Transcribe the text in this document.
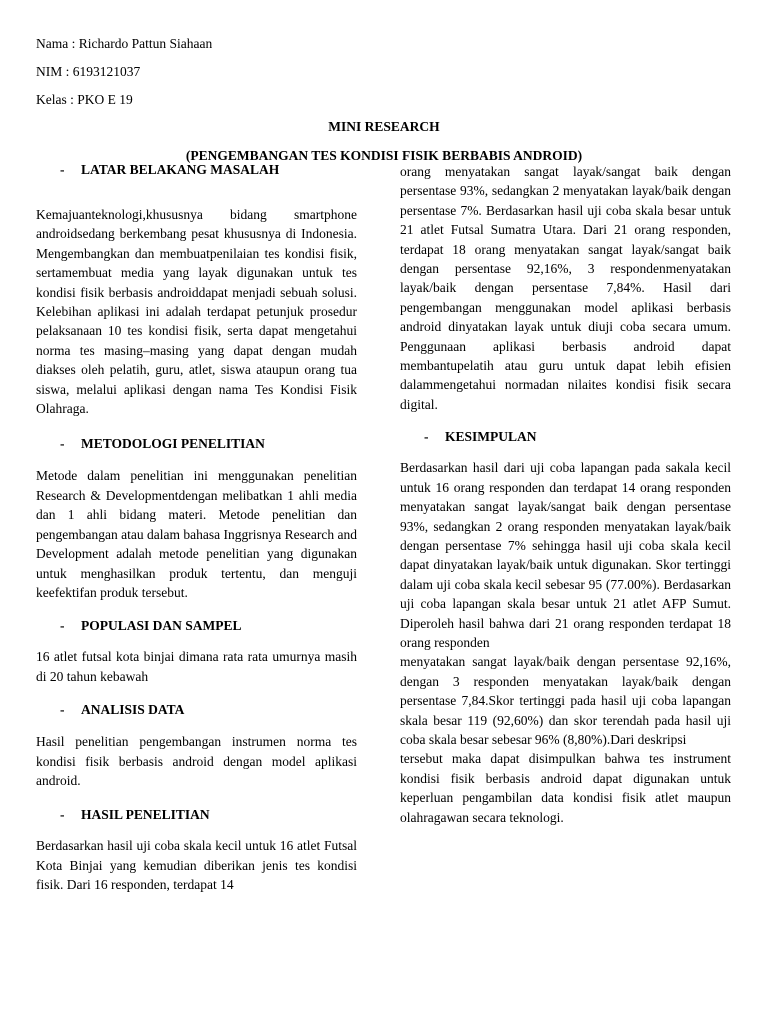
Nama : Richardo Pattun Siahaan
NIM : 6193121037
Kelas : PKO E 19
MINI RESEARCH
(PENGEMBANGAN TES KONDISI FISIK BERBABIS ANDROID)
-	LATAR BELAKANG MASALAH

Kemajuanteknologi,khususnya bidang smartphone androidsedang berkembang pesat khususnya di Indonesia. Mengembangkan dan membuatpenilaian tes kondisi fisik, sertamembuat media yang layak digunakan untuk tes kondisi fisik berbasis androiddapat menjadi sebuah solusi. Kelebihan aplikasi ini adalah terdapat petunjuk prosedur pelaksanaan 10 tes kondisi fisik, serta dapat mengetahui norma tes masing‒masing yang dapat dengan mudah diakses oleh pelatih, guru, atlet, siswa ataupun orang tua siswa, melalui aplikasi dengan nama Tes Kondisi Fisik Olahraga.

-	METODOLOGI PENELITIAN

Metode dalam penelitian ini menggunakan penelitian Research & Developmentdengan melibatkan 1 ahli media dan 1 ahli bidang materi. Metode penelitian dan pengembangan atau dalam bahasa Inggrisnya Research and Development adalah metode penelitian yang digunakan untuk menghasilkan produk tertentu, dan menguji keefektifan produk tersebut.

-	POPULASI DAN SAMPEL

16 atlet futsal kota binjai dimana rata rata umurnya masih di 20 tahun kebawah

-	ANALISIS DATA

Hasil penelitian pengembangan instrumen norma tes kondisi fisik berbasis android dengan model aplikasi android.

-	HASIL PENELITIAN

Berdasarkan hasil uji coba skala kecil untuk 16 atlet Futsal Kota Binjai yang kemudian diberikan jenis tes kondisi fisik. Dari 16 responden, terdapat 14

orang menyatakan sangat layak/sangat baik dengan persentase 93%, sedangkan 2 menyatakan layak/baik dengan persentase 7%. Berdasarkan hasil uji coba skala besar untuk 21 atlet Futsal Sumatra Utara. Dari 21 orang responden, terdapat 18 orang menyatakan sangat layak/sangat baik dengan persentase 92,16%, 3 respondenmenyatakan layak/baik dengan persentase 7,84%. Hasil dari pengembangan menggunakan model aplikasi berbasis android dinyatakan layak untuk diuji coba secara umum. Penggunaan aplikasi berbasis android dapat membantupelatih atau guru untuk dapat lebih efisien dalammengetahui normadan nilaites kondisi fisik secara digital.

-	KESIMPULAN

Berdasarkan hasil dari uji coba lapangan pada sakala kecil untuk 16 orang responden dan terdapat 14 orang responden menyatakan sangat layak/sangat baik dengan persentase 93%, sedangkan 2 orang responden menyatakan layak/baik dengan persentase 7% sehingga hasil uji coba skala kecil dapat dinyatakan layak/baik untuk digunakan. Skor tertinggi dalam uji coba skala kecil sebesar 95 (77.00%). Berdasarkan uji coba lapangan skala besar untuk 21 atlet AFP Sumut. Diperoleh hasil bahwa dari 21 orang responden terdapat 18 orang responden

menyatakan sangat layak/baik dengan persentase 92,16%, dengan 3 responden menyatakan layak/baik dengan persentase 7,84.Skor tertinggi pada hasil uji coba lapangan skala besar 119 (92,60%) dan skor terendah pada hasil uji coba skala besar sebesar 96% (8,80%).Dari deskripsi

tersebut maka dapat disimpulkan bahwa tes instrument kondisi fisik berbasis android dapat digunakan untuk keperluan pengambilan data kondisi fisik atlet maupun olahragawan secara teknologi.
